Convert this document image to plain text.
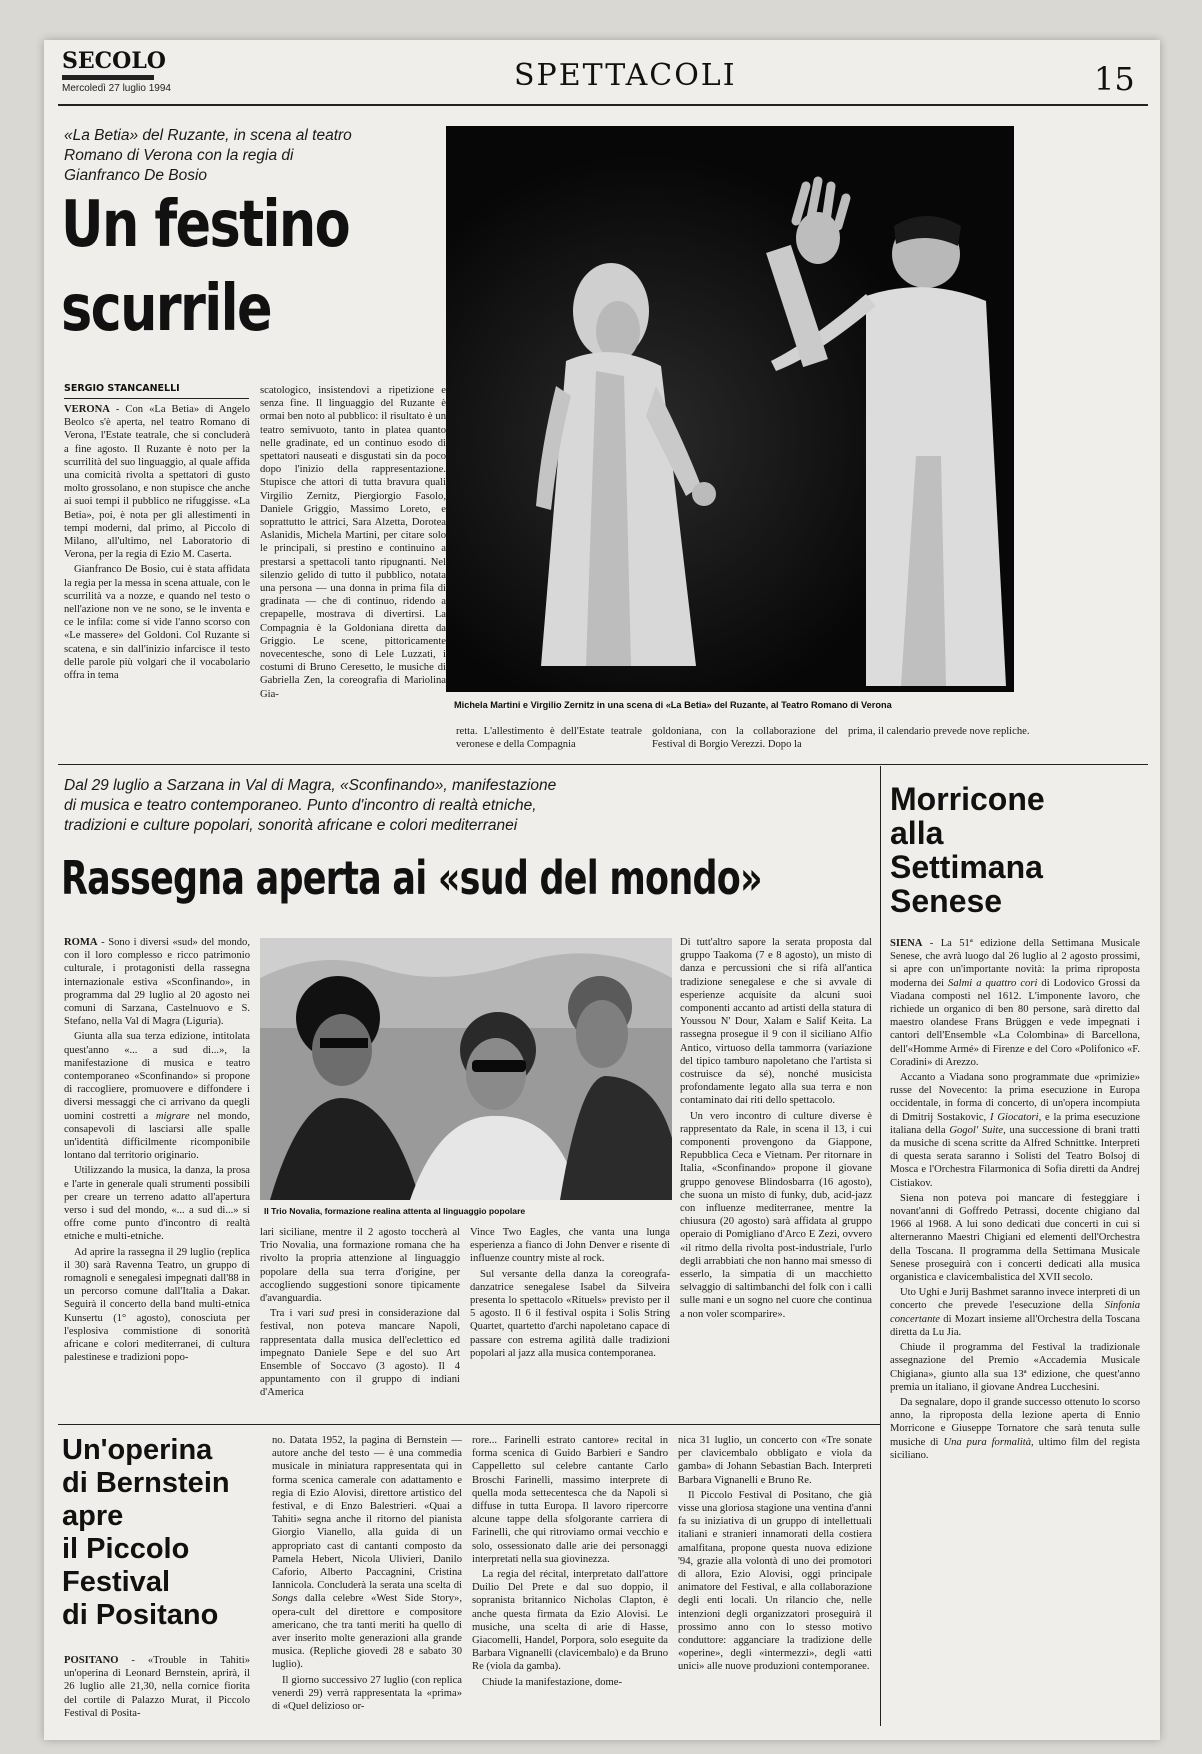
SECOLO
Mercoledì 27 luglio 1994	SPETTACOLI	15
«La Betia» del Ruzante, in scena al teatro Romano di Verona con la regia di Gianfranco De Bosio
Un festino
scurrile
SERGIO STANCANELLI

VERONA - Con «La Betia» di Angelo Beolco s'è aperta, nel teatro Romano di Verona, l'Estate teatrale, che si concluderà a fine agosto. Il Ruzante è noto per la scurrilità del suo linguaggio, al quale affida una comicità rivolta a spettatori di gusto molto grossolano, e non stupisce che anche ai suoi tempi il pubblico ne rifuggisse. «La Betia», poi, è nota per gli allestimenti in tempi moderni, dal primo, al Piccolo di Milano, all'ultimo, nel Laboratorio di Verona, per la regia di Ezio M. Caserta.

Gianfranco De Bosio, cui è stata affidata la regia per la messa in scena attuale, con le scurrilità va a nozze, e quando nel testo o nell'azione non ve ne sono, se le inventa e ce le infila: come si vide l'anno scorso con «Le massere» del Goldoni. Col Ruzante si scatena, e sin dall'inizio infarcisce il testo delle parole più volgari che il vocabolario offra in tema

scatologico, insistendovi a ripetizione e senza fine. Il linguaggio del Ruzante è ormai ben noto al pubblico: il risultato è un teatro semivuoto, tanto in platea quanto nelle gradinate, ed un continuo esodo di spettatori nauseati e disgustati sin da poco dopo l'inizio della rappresentazione. Stupisce che attori di tutta bravura quali Virgilio Zernitz, Piergiorgio Fasolo, Daniele Griggio, Massimo Loreto, e soprattutto le attrici, Sara Alzetta, Dorotea Aslanidis, Michela Martini, per citare solo le principali, si prestino e continuino a prestarsi a spettacoli tanto ripugnanti. Nel silenzio gelido di tutto il pubblico, notata una persona — una donna in prima fila di gradinata — che di continuo, ridendo a crepapelle, mostrava di divertirsi. La Compagnia è la Goldoniana diretta da Griggio. Le scene, pittoricamente novecentesche, sono di Lele Luzzati, i costumi di Bruno Ceresetto, le musiche di Gabriella Zen, la coreografia di Mariolina Gia-

Michela Martini e Virgilio Zernitz in una scena di «La Betia» del Ruzante, al Teatro Romano di Verona

retta. L'allestimento è dell'Estate teatrale veronese e della Compagnia

goldoniana, con la collaborazione del Festival di Borgio Verezzi. Dopo la

prima, il calendario prevede nove repliche.

Dal 29 luglio a Sarzana in Val di Magra, «Sconfinando», manifestazione
di musica e teatro contemporaneo. Punto d'incontro di realtà etniche,
tradizioni e culture popolari, sonorità africane e colori mediterranei
Rassegna aperta ai «sud del mondo»

ROMA - Sono i diversi «sud» del mondo, con il loro complesso e ricco patrimonio culturale, i protagonisti della rassegna internazionale estiva «Sconfinando», in programma dal 29 luglio al 20 agosto nei comuni di Sarzana, Castelnuovo e S. Stefano, nella Val di Magra (Liguria).

Giunta alla sua terza edizione, intitolata quest'anno «... a sud di...», la manifestazione di musica e teatro contemporaneo «Sconfinando» si propone di raccogliere, promuovere e diffondere i diversi messaggi che ci arrivano da quegli uomini costretti a migrare nel mondo, consapevoli di lasciarsi alle spalle un'identità difficilmente ricomponibile lontano dal territorio originario.

Utilizzando la musica, la danza, la prosa e l'arte in generale quali strumenti possibili per creare un terreno adatto all'apertura verso i sud del mondo, «... a sud di...» si offre come punto d'incontro di realtà etniche e multi-etniche.

Ad aprire la rassegna il 29 luglio (replica il 30) sarà Ravenna Teatro, un gruppo di romagnoli e senegalesi impegnati dall'88 in un percorso comune dall'Italia a Dakar. Seguirà il concerto della band multi-etnica Kunsertu (1° agosto), conosciuta per l'esplosiva commistione di sonorità africane e colori mediterranei, di cultura palestinese e tradizioni popo-

Il Trio Novalia, formazione realina attenta al linguaggio popolare

lari siciliane, mentre il 2 agosto toccherà al Trio Novalia, una formazione romana che ha rivolto la propria attenzione al linguaggio popolare della sua terra d'origine, per accogliendo suggestioni sonore tipicamente d'avanguardia.

Tra i vari sud presi in considerazione dal festival, non poteva mancare Napoli, rappresentata dalla musica dell'eclettico ed impegnato Daniele Sepe e del suo Art Ensemble of Soccavo (3 agosto). Il 4 appuntamento con il gruppo di indiani d'America

Vince Two Eagles, che vanta una lunga esperienza a fianco di John Denver e risente di influenze country miste al rock.

Sul versante della danza la coreografa-danzatrice senegalese Isabel da Silveira presenta lo spettacolo «Rituels» previsto per il 5 agosto. Il 6 il festival ospita i Solis String Quartet, quartetto d'archi napoletano capace di passare con estrema agilità dalle tradizioni popolari al jazz alla musica contemporanea.

Di tutt'altro sapore la serata proposta dal gruppo Taakoma (7 e 8 agosto), un misto di danza e percussioni che si rifà all'antica tradizione senegalese e che si avvale di esperienze acquisite da alcuni suoi componenti accanto ad artisti della statura di Youssou N' Dour, Xalam e Salif Keita. La rassegna prosegue il 9 con il siciliano Alfio Antico, virtuoso della tammorra (variazione del tipico tamburo napoletano che l'artista si costruisce da sé), nonché musicista profondamente legato alla sua terra e non contaminato dai riti dello spettacolo.

Un vero incontro di culture diverse è rappresentato da Rale, in scena il 13, i cui componenti provengono da Giappone, Repubblica Ceca e Vietnam. Per ritornare in Italia, «Sconfinando» propone il giovane gruppo genovese Blindosbarra (16 agosto), che suona un misto di funky, dub, acid-jazz con influenze mediterranee, mentre la chiusura (20 agosto) sarà affidata al gruppo operaio di Pomigliano d'Arco E Zezi, ovvero «il ritmo della rivolta post-industriale, l'urlo degli arrabbiati che non hanno mai smesso di esserlo, la simpatia di un macchietto selvaggio di saltimbanchi del folk con i calli sulle mani e un sogno nel cuore che continua a non voler scomparire».

Morricone
alla
Settimana
Senese

SIENA - La 51ª edizione della Settimana Musicale Senese, che avrà luogo dal 26 luglio al 2 agosto prossimi, si apre con un'importante novità: la prima riproposta moderna dei Salmi a quattro cori di Lodovico Grossi da Viadana composti nel 1612. L'imponente lavoro, che richiede un organico di ben 80 persone, sarà diretto dal maestro olandese Frans Brüggen e vede impegnati i cantori dell'Ensemble «La Colombina» di Barcellona, dell'«Homme Armé» di Firenze e del Coro «Polifonico «F. Coradini» di Arezzo.

Accanto a Viadana sono programmate due «primizie» russe del Novecento: la prima esecuzione in Europa occidentale, in forma di concerto, di un'opera incompiuta di Dmitrij Sostakovic, I Giocatori, e la prima esecuzione italiana della Gogol' Suite, una successione di brani tratti da musiche di scena scritte da Alfred Schnittke. Interpreti di questa serata saranno i Solisti del Teatro Bolsoj di Mosca e l'Orchestra Filarmonica di Sofia diretti da Andrej Cistiakov.

Siena non poteva poi mancare di festeggiare i novant'anni di Goffredo Petrassi, docente chigiano dal 1966 al 1968. A lui sono dedicati due concerti in cui si alterneranno Maestri Chigiani ed elementi dell'Orchestra della Toscana. Il programma della Settimana Musicale Senese proseguirà con i concerti dedicati alla musica organistica e clavicembalistica del XVII secolo.

Uto Ughi e Jurij Bashmet saranno invece interpreti di un concerto che prevede l'esecuzione della Sinfonia concertante di Mozart insieme all'Orchestra della Toscana diretta da Lu Jia.

Chiude il programma del Festival la tradizionale assegnazione del Premio «Accademia Musicale Chigiana», giunto alla sua 13ª edizione, che quest'anno premia un italiano, il giovane Andrea Lucchesini.

Da segnalare, dopo il grande successo ottenuto lo scorso anno, la riproposta della lezione aperta di Ennio Morricone e Giuseppe Tornatore che sarà tenuta sulle musiche di Una pura formalità, ultimo film del regista siciliano.

Un'operina
di Bernstein
apre
il Piccolo
Festival
di Positano

POSITANO - «Trouble in Tahiti» un'operina di Leonard Bernstein, aprirà, il 26 luglio alle 21,30, nella cornice fiorita del cortile di Palazzo Murat, il Piccolo Festival di Posita-

no. Datata 1952, la pagina di Bernstein — autore anche del testo — è una commedia musicale in miniatura rappresentata qui in forma scenica cameralе con adattamento e regia di Ezio Alovisi, direttore artistico del festival, e di Enzo Balestrieri. «Quai a Tahiti» segna anche il ritorno del pianista Giorgio Vianello, alla guida di un appropriato cast di cantanti composto da Pamela Hebert, Nicola Ulivieri, Danilo Caforio, Alberto Paccagnini, Cristina Iannicola. Concluderà la serata una scelta di Songs dalla celebre «West Side Story», opera-cult del direttore e compositore americano, che tra tanti meriti ha quello di aver inserito molte generazioni alla grande musica. (Repliche giovedì 28 e sabato 30 luglio).

Il giorno successivo 27 luglio (con replica venerdì 29) verrà rappresentata la «prima» di «Quel delizioso or-

rore... Farinelli estrato cantore» recital in forma scenica di Guido Barbieri e Sandro Cappelletto sul celebre cantante Carlo Broschi Farinelli, massimo interprete di quella moda settecentesca che da Napoli si diffuse in tutta Europa. Il lavoro ripercorre alcune tappe della sfolgorante carriera di Farinelli, che qui ritroviamo ormai vecchio e solo, ossessionato dalle arie dei personaggi interpretati nella sua giovinezza.

La regia del récital, interpretato dall'attore Duilio Del Prete e dal suo doppio, il sopranista britannico Nicholas Clapton, è anche questa firmata da Ezio Alovisi. Le musiche, una scelta di arie di Hasse, Giacomelli, Handel, Porpora, solo eseguite da Barbara Vignanelli (clavicembalo) e da Bruno Re (viola da gamba).

Chiude la manifestazione, dome-

nica 31 luglio, un concerto con «Tre sonate per clavicembalo obbligato e viola da gamba» di Johann Sebastian Bach. Interpreti Barbara Vignanelli e Bruno Re.

Il Piccolo Festival di Positano, che già visse una gloriosa stagione una ventina d'anni fa su iniziativa di un gruppo di intellettuali italiani e stranieri innamorati della costiera amalfitana, propone questa nuova edizione '94, grazie alla volontà di uno dei promotori di allora, Ezio Alovisi, oggi principale animatore del Festival, e alla collaborazione degli enti locali. Un rilancio che, nelle intenzioni degli organizzatori proseguirà il prossimo anno con lo stesso motivo conduttore: agganciare la tradizione delle «operine», degli «intermezzi», degli «atti unici» alle nuove produzioni contemporanee.
